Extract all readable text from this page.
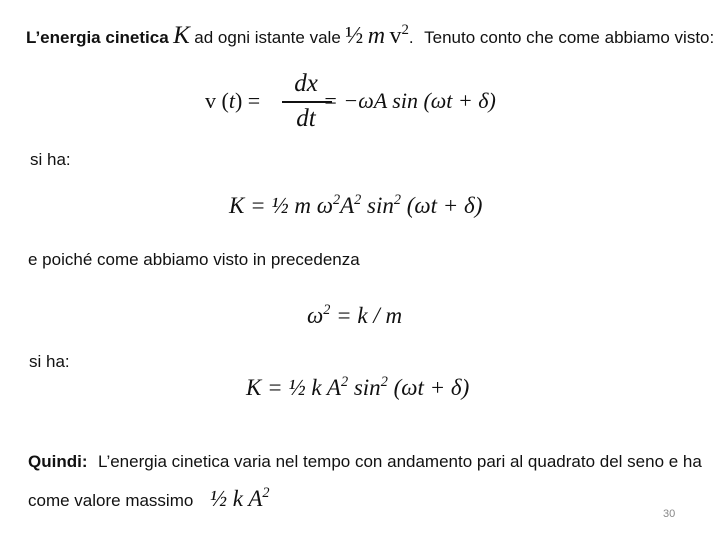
L’energia cinetica K ad ogni istante vale ½ m $v^2$. Tenuto conto che come abbiamo visto:
v (t) =
dx
dt
= −ωA sin (ωt + δ)
si ha:
K = ½ m $\omega^2A^2$ $\sin^2 (\omega t + \delta)$
e poiché come abbiamo visto in precedenza
$\omega^2 = k / m$
si ha:
K = ½ k $A^2$ $\sin^2 (\omega t + \delta)$
Quindi: L’energia cinetica varia nel tempo con andamento pari al quadrato del seno e ha
come valore massimo ½ k $A^2$
30
